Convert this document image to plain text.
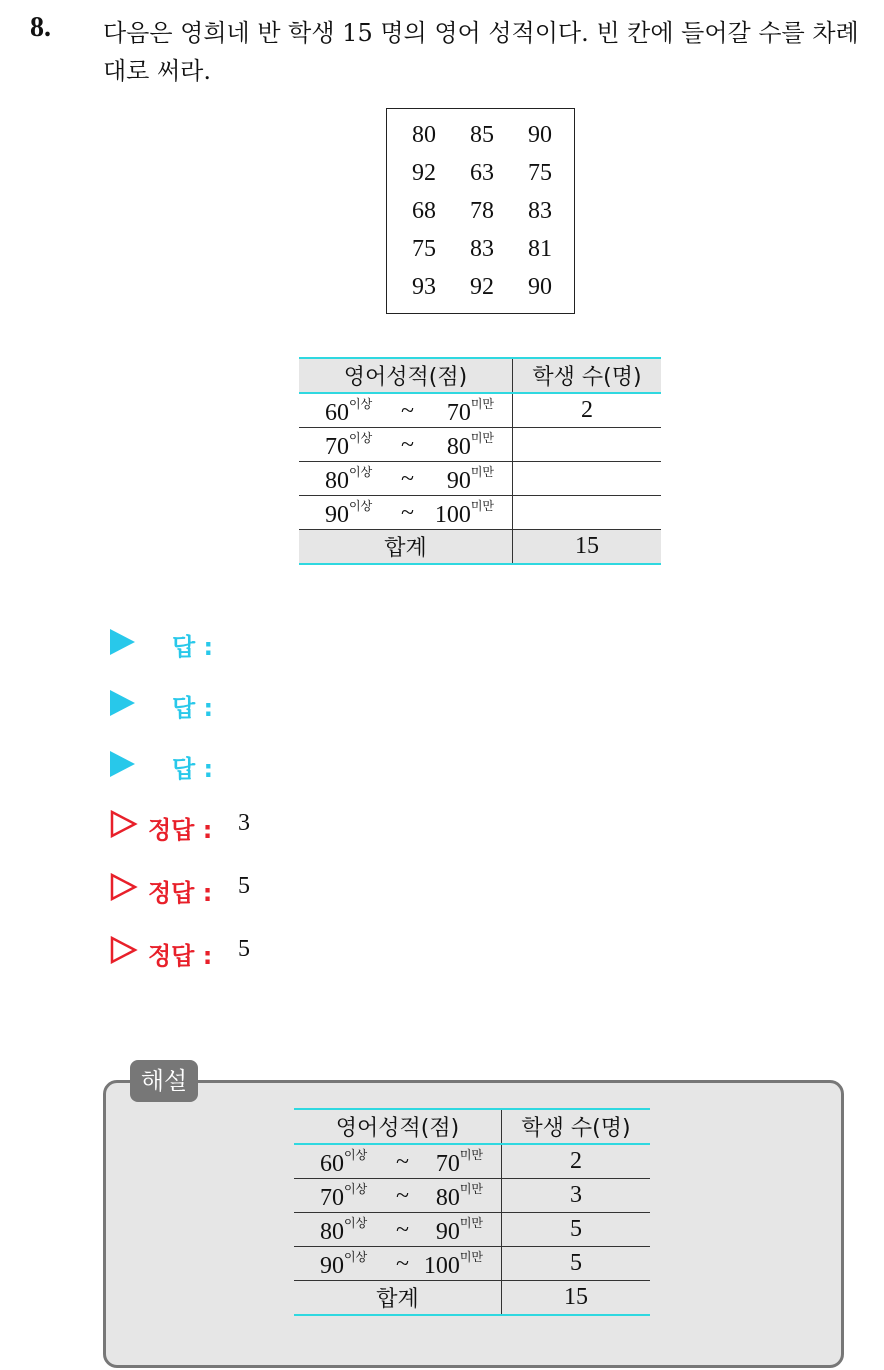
8. 다음은 영희네 반 학생 15 명의 영어 성적이다. 빈 칸에 들어갈 수를 차례대로 써라.
80	85	90
92	63	75
68	78	83
75	83	81
93	92	90
영어성적(점)	학생 수(명)

$60^{이상}$ ~ $70^{미만}$	2

$70^{이상}$ ~ $80^{미만}$

$80^{이상}$ ~ $90^{미만}$

$90^{이상}$ ~ $100^{미만}$

합계	15
답 :
답 :
답 :
정답 : 3
정답 : 5
정답 : 5
영어성적(점)	학생 수(명)

$60^{이상}$ ~ $70^{미만}$	2

$70^{이상}$ ~ $80^{미만}$	3

$80^{이상}$ ~ $90^{미만}$	5

$90^{이상}$ ~ $100^{미만}$	5
합계	15
해설
